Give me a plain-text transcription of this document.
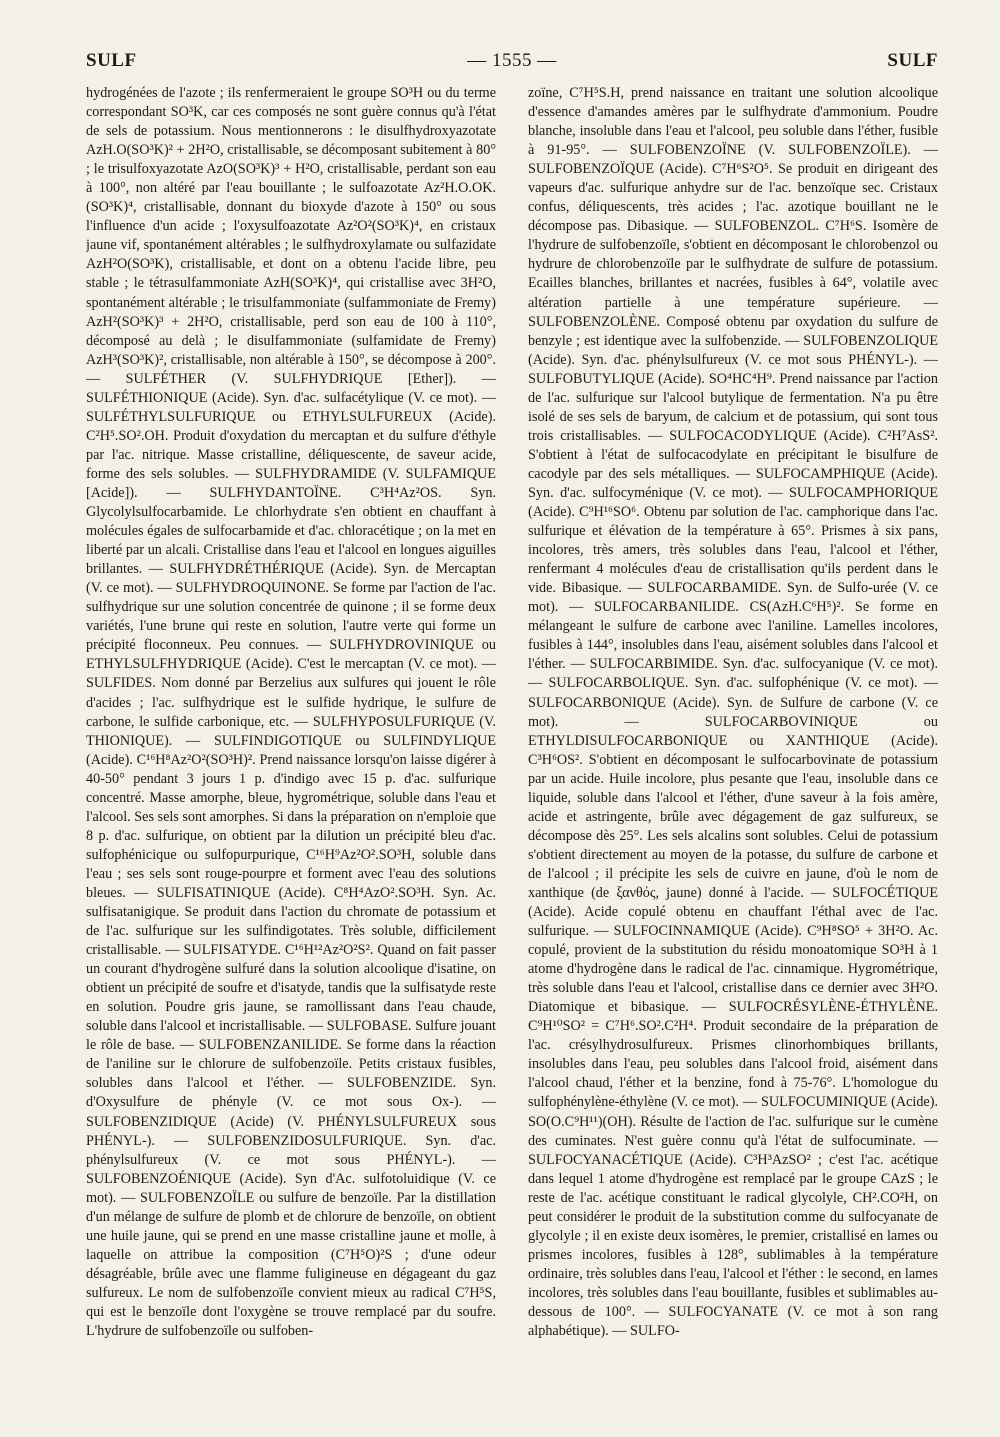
SULF	— 1555 —	SULF

hydrogénées de l'azote ; ils renfermeraient le groupe SO³H ou du terme correspondant SO³K, car ces composés ne sont guère connus qu'à l'état de sels de potassium. Nous mentionnerons : le disulfhydroxyazotate AzH.O(SO³K)² + 2H²O, cristallisable, se décomposant subitement à 80° ; le trisulfoxyazotate AzO(SO³K)³ + H²O, cristallisable, perdant son eau à 100°, non altéré par l'eau bouillante ; le sulfoazotate Az²H.O.OK.(SO³K)⁴, cristallisable, donnant du bioxyde d'azote à 150° ou sous l'influence d'un acide ; l'oxysulfoazotate Az²O²(SO³K)⁴, en cristaux jaune vif, spontanément altérables ; le sulfhydroxylamate ou sulfazidate AzH²O(SO³K), cristallisable, et dont on a obtenu l'acide libre, peu stable ; le tétrasulfammoniate AzH(SO³K)⁴, qui cristallise avec 3H²O, spontanément altérable ; le trisulfammoniate (sulfammoniate de Fremy) AzH²(SO³K)³ + 2H²O, cristallisable, perd son eau de 100 à 110°, décomposé au delà ; le disulfammoniate (sulfamidate de Fremy) AzH³(SO³K)², cristallisable, non altérable à 150°, se décompose à 200°. — SULFÉTHER (V. SULFHYDRIQUE [Ether]). — SULFÉTHIONIQUE (Acide). Syn. d'ac. sulfacétylique (V. ce mot). — SULFÉTHYLSULFURIQUE ou ETHYLSULFUREUX (Acide). C²H⁵.SO².OH. Produit d'oxydation du mercaptan et du sulfure d'éthyle par l'ac. nitrique. Masse cristalline, déliquescente, de saveur acide, forme des sels solubles. — SULFHYDRAMIDE (V. SULFAMIQUE [Acide]). — SULFHYDANTOÏNE. C³H⁴Az²OS. Syn. Glycolylsulfocarbamide. Le chlorhydrate s'en obtient en chauffant à molécules égales de sulfocarbamide et d'ac. chloracétique ; on la met en liberté par un alcali. Cristallise dans l'eau et l'alcool en longues aiguilles brillantes. — SULFHYDRÉTHÉRIQUE (Acide). Syn. de Mercaptan (V. ce mot). — SULFHYDROQUINONE. Se forme par l'action de l'ac. sulfhydrique sur une solution concentrée de quinone ; il se forme deux variétés, l'une brune qui reste en solution, l'autre verte qui forme un précipité floconneux. Peu connues. — SULFHYDROVINIQUE ou ETHYLSULFHYDRIQUE (Acide). C'est le mercaptan (V. ce mot). — SULFIDES. Nom donné par Berzelius aux sulfures qui jouent le rôle d'acides ; l'ac. sulfhydrique est le sulfide hydrique, le sulfure de carbone, le sulfide carbonique, etc. — SULFHYPOSULFURIQUE (V. THIONIQUE). — SULFINDIGOTIQUE ou SULFINDYLIQUE (Acide). C¹⁶H⁸Az²O²(SO³H)². Prend naissance lorsqu'on laisse digérer à 40-50° pendant 3 jours 1 p. d'indigo avec 15 p. d'ac. sulfurique concentré. Masse amorphe, bleue, hygrométrique, soluble dans l'eau et l'alcool. Ses sels sont amorphes. Si dans la préparation on n'emploie que 8 p. d'ac. sulfurique, on obtient par la dilution un précipité bleu d'ac. sulfophénicique ou sulfopurpurique, C¹⁶H⁹Az²O².SO³H, soluble dans l'eau ; ses sels sont rouge-pourpre et forment avec l'eau des solutions bleues. — SULFISATINIQUE (Acide). C⁸H⁴AzO².SO³H. Syn. Ac. sulfisatanigique. Se produit dans l'action du chromate de potassium et de l'ac. sulfurique sur les sulfindigotates. Très soluble, difficilement cristallisable. — SULFISATYDE. C¹⁶H¹²Az²O²S². Quand on fait passer un courant d'hydrogène sulfuré dans la solution alcoolique d'isatine, on obtient un précipité de soufre et d'isatyde, tandis que la sulfisatyde reste en solution. Poudre gris jaune, se ramollissant dans l'eau chaude, soluble dans l'alcool et incristallisable. — SULFOBASE. Sulfure jouant le rôle de base. — SULFOBENZANILIDE. Se forme dans la réaction de l'aniline sur le chlorure de sulfobenzoïle. Petits cristaux fusibles, solubles dans l'alcool et l'éther. — SULFOBENZIDE. Syn. d'Oxysulfure de phényle (V. ce mot sous Ox-). — SULFOBENZIDIQUE (Acide) (V. PHÉNYLSULFUREUX sous PHÉNYL-). — SULFOBENZIDOSULFURIQUE. Syn. d'ac. phénylsulfureux (V. ce mot sous PHÉNYL-). — SULFOBENZOÉNIQUE (Acide). Syn d'Ac. sulfotoluidique (V. ce mot). — SULFOBENZOÏLE ou sulfure de benzoïle. Par la distillation d'un mélange de sulfure de plomb et de chlorure de benzoïle, on obtient une huile jaune, qui se prend en une masse cristalline jaune et molle, à laquelle on attribue la composition (C⁷H⁵O)²S ; d'une odeur désagréable, brûle avec une flamme fuligineuse en dégageant du gaz sulfureux. Le nom de sulfobenzoïle convient mieux au radical C⁷H⁵S, qui est le benzoïle dont l'oxygène se trouve remplacé par du soufre. L'hydrure de sulfobenzoïle ou sulfoben-

zoïne, C⁷H⁵S.H, prend naissance en traitant une solution alcoolique d'essence d'amandes amères par le sulfhydrate d'ammonium. Poudre blanche, insoluble dans l'eau et l'alcool, peu soluble dans l'éther, fusible à 91-95°. — SULFOBENZOÏNE (V. SULFOBENZOÏLE). — SULFOBENZOÏQUE (Acide). C⁷H⁶S²O⁵. Se produit en dirigeant des vapeurs d'ac. sulfurique anhydre sur de l'ac. benzoïque sec. Cristaux confus, déliquescents, très acides ; l'ac. azotique bouillant ne le décompose pas. Dibasique. — SULFOBENZOL. C⁷H⁶S. Isomère de l'hydrure de sulfobenzoïle, s'obtient en décomposant le chlorobenzol ou hydrure de chlorobenzoïle par le sulfhydrate de sulfure de potassium. Ecailles blanches, brillantes et nacrées, fusibles à 64°, volatile avec altération partielle à une température supérieure. — SULFOBENZOLÈNE. Composé obtenu par oxydation du sulfure de benzyle ; est identique avec la sulfobenzide. — SULFOBENZOLIQUE (Acide). Syn. d'ac. phénylsulfureux (V. ce mot sous PHÉNYL-). — SULFOBUTYLIQUE (Acide). SO⁴HC⁴H⁹. Prend naissance par l'action de l'ac. sulfurique sur l'alcool butylique de fermentation. N'a pu être isolé de ses sels de baryum, de calcium et de potassium, qui sont tous trois cristallisables. — SULFOCACODYLIQUE (Acide). C²H⁷AsS². S'obtient à l'état de sulfocacodylate en précipitant le bisulfure de cacodyle par des sels métalliques. — SULFOCAMPHIQUE (Acide). Syn. d'ac. sulfocyménique (V. ce mot). — SULFOCAMPHORIQUE (Acide). C⁹H¹⁶SO⁶. Obtenu par solution de l'ac. camphorique dans l'ac. sulfurique et élévation de la température à 65°. Prismes à six pans, incolores, très amers, très solubles dans l'eau, l'alcool et l'éther, renfermant 4 molécules d'eau de cristallisation qu'ils perdent dans le vide. Bibasique. — SULFOCARBAMIDE. Syn. de Sulfo-urée (V. ce mot). — SULFOCARBANILIDE. CS(AzH.C⁶H⁵)². Se forme en mélangeant le sulfure de carbone avec l'aniline. Lamelles incolores, fusibles à 144°, insolubles dans l'eau, aisément solubles dans l'alcool et l'éther. — SULFOCARBIMIDE. Syn. d'ac. sulfocyanique (V. ce mot). — SULFOCARBOLIQUE. Syn. d'ac. sulfophénique (V. ce mot). — SULFOCARBONIQUE (Acide). Syn. de Sulfure de carbone (V. ce mot). — SULFOCARBOVINIQUE ou ETHYLDISULFOCARBONIQUE ou XANTHIQUE (Acide). C³H⁶OS². S'obtient en décomposant le sulfocarbovinate de potassium par un acide. Huile incolore, plus pesante que l'eau, insoluble dans ce liquide, soluble dans l'alcool et l'éther, d'une saveur à la fois amère, acide et astringente, brûle avec dégagement de gaz sulfureux, se décompose dès 25°. Les sels alcalins sont solubles. Celui de potassium s'obtient directement au moyen de la potasse, du sulfure de carbone et de l'alcool ; il précipite les sels de cuivre en jaune, d'où le nom de xanthique (de ξανθός, jaune) donné à l'acide. — SULFOCÉTIQUE (Acide). Acide copulé obtenu en chauffant l'éthal avec de l'ac. sulfurique. — SULFOCINNAMIQUE (Acide). C⁹H⁸SO⁵ + 3H²O. Ac. copulé, provient de la substitution du résidu monoatomique SO³H à 1 atome d'hydrogène dans le radical de l'ac. cinnamique. Hygrométrique, très soluble dans l'eau et l'alcool, cristallise dans ce dernier avec 3H²O. Diatomique et bibasique. — SULFOCRÉSYLÈNE-ÉTHYLÈNE. C⁹H¹⁰SO² = C⁷H⁶.SO².C²H⁴. Produit secondaire de la préparation de l'ac. crésylhydrosulfureux. Prismes clinorhombiques brillants, insolubles dans l'eau, peu solubles dans l'alcool froid, aisément dans l'alcool chaud, l'éther et la benzine, fond à 75-76°. L'homologue du sulfophénylène-éthylène (V. ce mot). — SULFOCUMINIQUE (Acide). SO(O.C⁹H¹¹)(OH). Résulte de l'action de l'ac. sulfurique sur le cumène des cuminates. N'est guère connu qu'à l'état de sulfocuminate. — SULFOCYANACÉTIQUE (Acide). C³H³AzSO² ; c'est l'ac. acétique dans lequel 1 atome d'hydrogène est remplacé par le groupe CAzS ; le reste de l'ac. acétique constituant le radical glycolyle, CH².CO²H, on peut considérer le produit de la substitution comme du sulfocyanate de glycolyle ; il en existe deux isomères, le premier, cristallisé en lames ou prismes incolores, fusibles à 128°, sublimables à la température ordinaire, très solubles dans l'eau, l'alcool et l'éther : le second, en lames incolores, très solubles dans l'eau bouillante, fusibles et sublimables au-dessous de 100°. — SULFOCYANATE (V. ce mot à son rang alphabétique). — SULFO-
